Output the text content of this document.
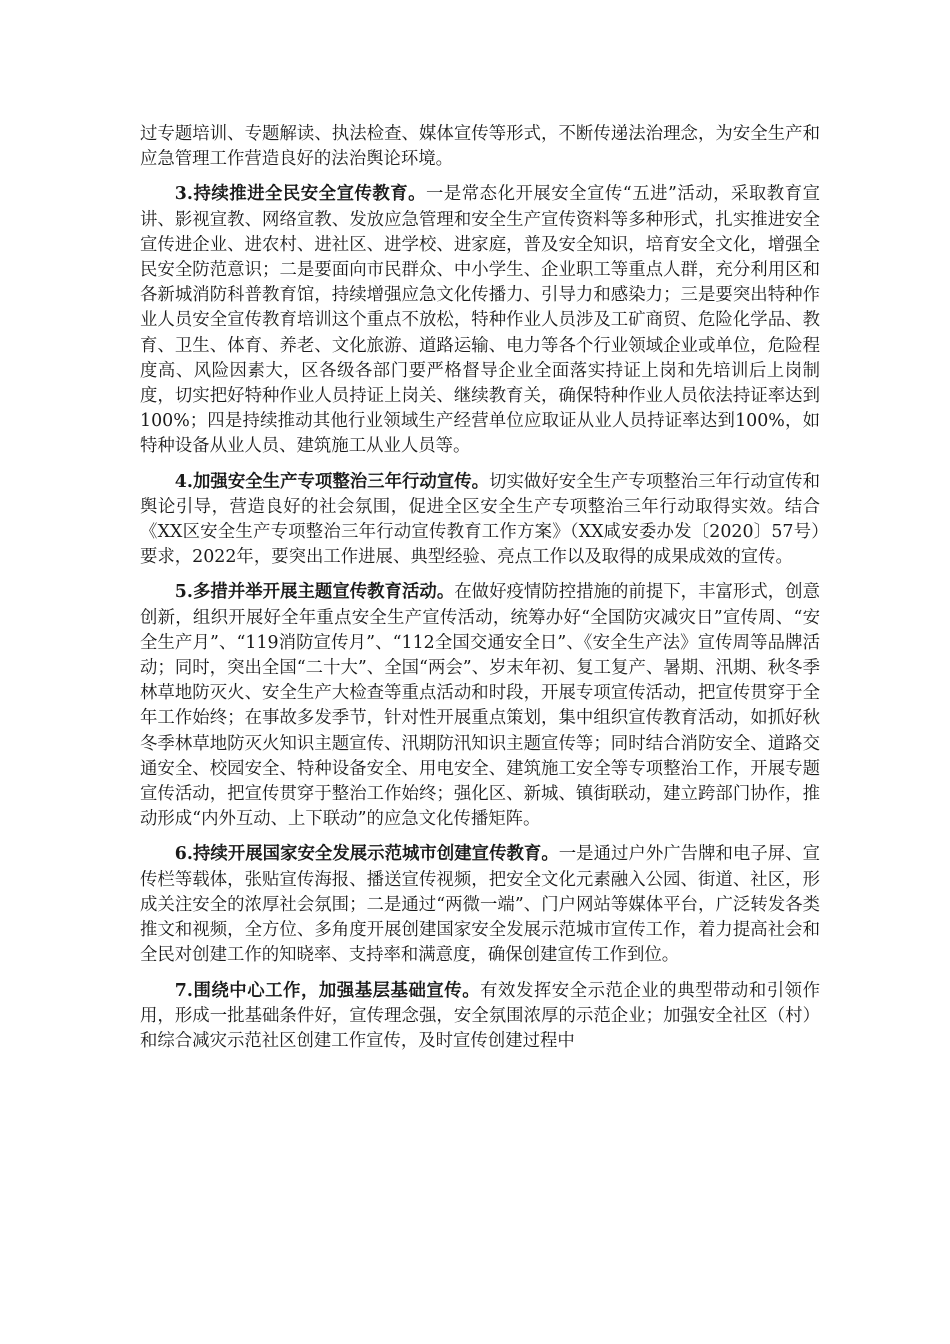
过专题培训、专题解读、执法检查、媒体宣传等形式，不断传递法治理念，为安全生产和应急管理工作营造良好的法治舆论环境。

3.持续推进全民安全宣传教育。一是常态化开展安全宣传“五进”活动，采取教育宣讲、影视宣教、网络宣教、发放应急管理和安全生产宣传资料等多种形式，扎实推进安全宣传进企业、进农村、进社区、进学校、进家庭，普及安全知识，培育安全文化，增强全民安全防范意识；二是要面向市民群众、中小学生、企业职工等重点人群，充分利用区和各新城消防科普教育馆，持续增强应急文化传播力、引导力和感染力；三是要突出特种作业人员安全宣传教育培训这个重点不放松，特种作业人员涉及工矿商贸、危险化学品、教育、卫生、体育、养老、文化旅游、道路运输、电力等各个行业领域企业或单位，危险程度高、风险因素大，区各级各部门要严格督导企业全面落实持证上岗和先培训后上岗制度，切实把好特种作业人员持证上岗关、继续教育关，确保特种作业人员依法持证率达到100%；四是持续推动其他行业领域生产经营单位应取证从业人员持证率达到100%，如特种设备从业人员、建筑施工从业人员等。

4.加强安全生产专项整治三年行动宣传。切实做好安全生产专项整治三年行动宣传和舆论引导，营造良好的社会氛围，促进全区安全生产专项整治三年行动取得实效。结合《XX区安全生产专项整治三年行动宣传教育工作方案》（XX咸安委办发〔2020〕57号）要求，2022年，要突出工作进展、典型经验、亮点工作以及取得的成果成效的宣传。

5.多措并举开展主题宣传教育活动。在做好疫情防控措施的前提下，丰富形式，创意创新，组织开展好全年重点安全生产宣传活动，统筹办好“全国防灾减灾日”宣传周、“安全生产月”、“119消防宣传月”、“112全国交通安全日”、《安全生产法》宣传周等品牌活动；同时，突出全国“二十大”、全国“两会”、岁末年初、复工复产、暑期、汛期、秋冬季林草地防灭火、安全生产大检查等重点活动和时段，开展专项宣传活动，把宣传贯穿于全年工作始终；在事故多发季节，针对性开展重点策划，集中组织宣传教育活动，如抓好秋冬季林草地防灭火知识主题宣传、汛期防汛知识主题宣传等；同时结合消防安全、道路交通安全、校园安全、特种设备安全、用电安全、建筑施工安全等专项整治工作，开展专题宣传活动，把宣传贯穿于整治工作始终；强化区、新城、镇街联动，建立跨部门协作，推动形成“内外互动、上下联动”的应急文化传播矩阵。

6.持续开展国家安全发展示范城市创建宣传教育。一是通过户外广告牌和电子屏、宣传栏等载体，张贴宣传海报、播送宣传视频，把安全文化元素融入公园、街道、社区，形成关注安全的浓厚社会氛围；二是通过“两微一端”、门户网站等媒体平台，广泛转发各类推文和视频，全方位、多角度开展创建国家安全发展示范城市宣传工作，着力提高社会和全民对创建工作的知晓率、支持率和满意度，确保创建宣传工作到位。

7.围绕中心工作，加强基层基础宣传。有效发挥安全示范企业的典型带动和引领作用，形成一批基础条件好，宣传理念强，安全氛围浓厚的示范企业；加强安全社区（村）和综合减灾示范社区创建工作宣传，及时宣传创建过程中
